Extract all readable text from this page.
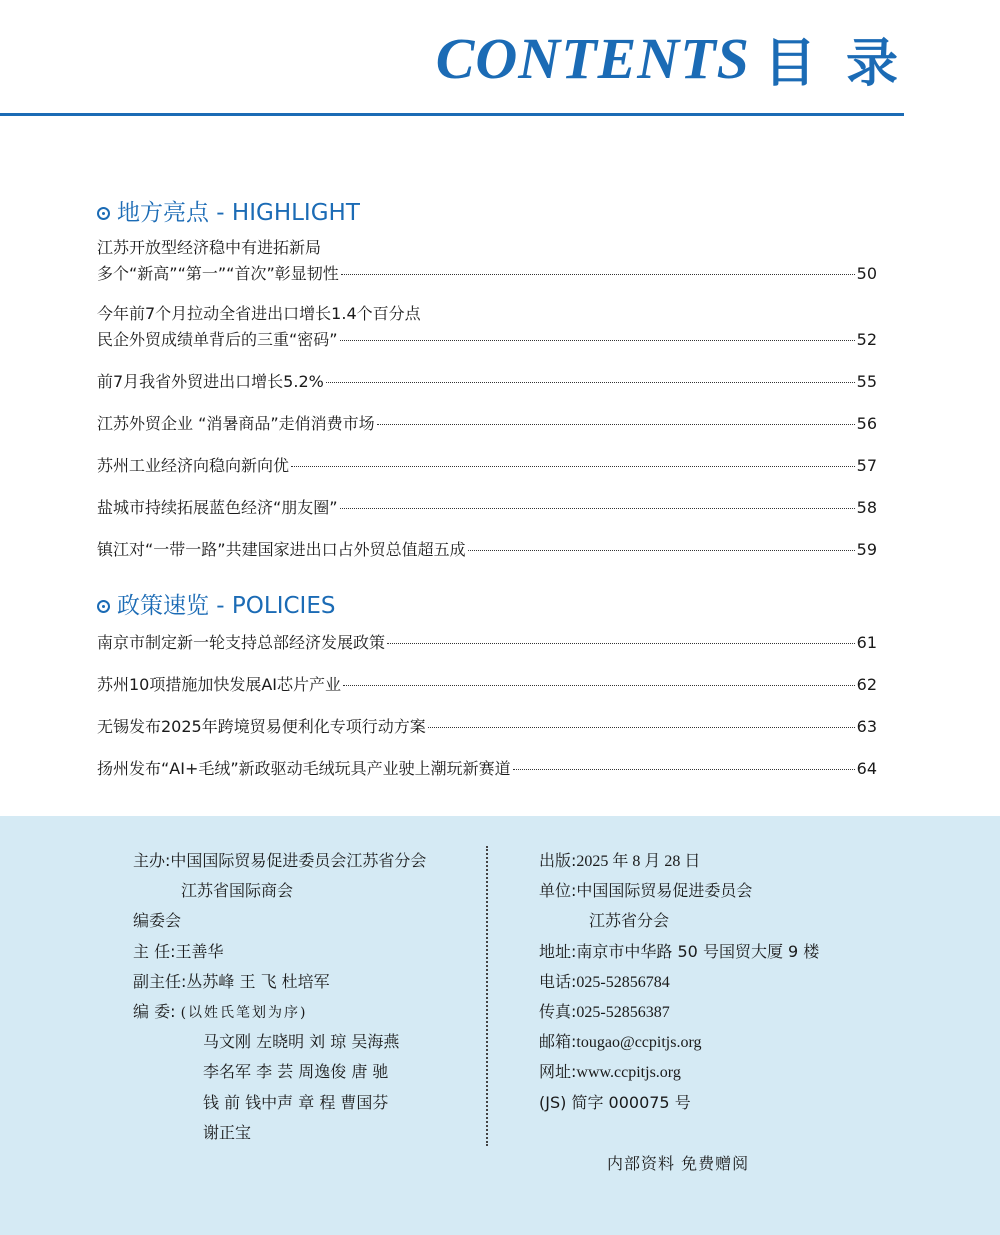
CONTENTS 目 录
地方亮点 - HIGHLIGHT
江苏开放型经济稳中有进拓新局
多个“新高”“第一”“首次”彰显韧性	50
今年前7个月拉动全省进出口增长1.4个百分点
民企外贸成绩单背后的三重“密码”	52
前7月我省外贸进出口增长5.2%	55
江苏外贸企业 “消暑商品”走俏消费市场	56
苏州工业经济向稳向新向优	57
盐城市持续拓展蓝色经济“朋友圈”	58
镇江对“一带一路”共建国家进出口占外贸总值超五成	59
政策速览 - POLICIES
南京市制定新一轮支持总部经济发展政策	61
苏州10项措施加快发展AI芯片产业	62
无锡发布2025年跨境贸易便利化专项行动方案	63
扬州发布“AI+毛绒”新政驱动毛绒玩具产业驶上潮玩新赛道	64
主办:中国国际贸易促进委员会江苏省分会
江苏省国际商会
编委会
主 任:王善华
副主任:丛苏峰 王 飞 杜培军
编 委: (以姓氏笔划为序)
马文刚 左晓明 刘 琼 吴海燕
李名军 李 芸 周逸俊 唐 驰
钱 前 钱中声 章 程 曹国芬
谢正宝
出版:2025 年 8 月 28 日
单位:中国国际贸易促进委员会
江苏省分会
地址:南京市中华路 50 号国贸大厦 9 楼
电话:025-52856784
传真:025-52856387
邮箱:tougao@ccpitjs.org
网址:www.ccpitjs.org
(JS) 简字 000075 号
内部资料 免费赠阅
